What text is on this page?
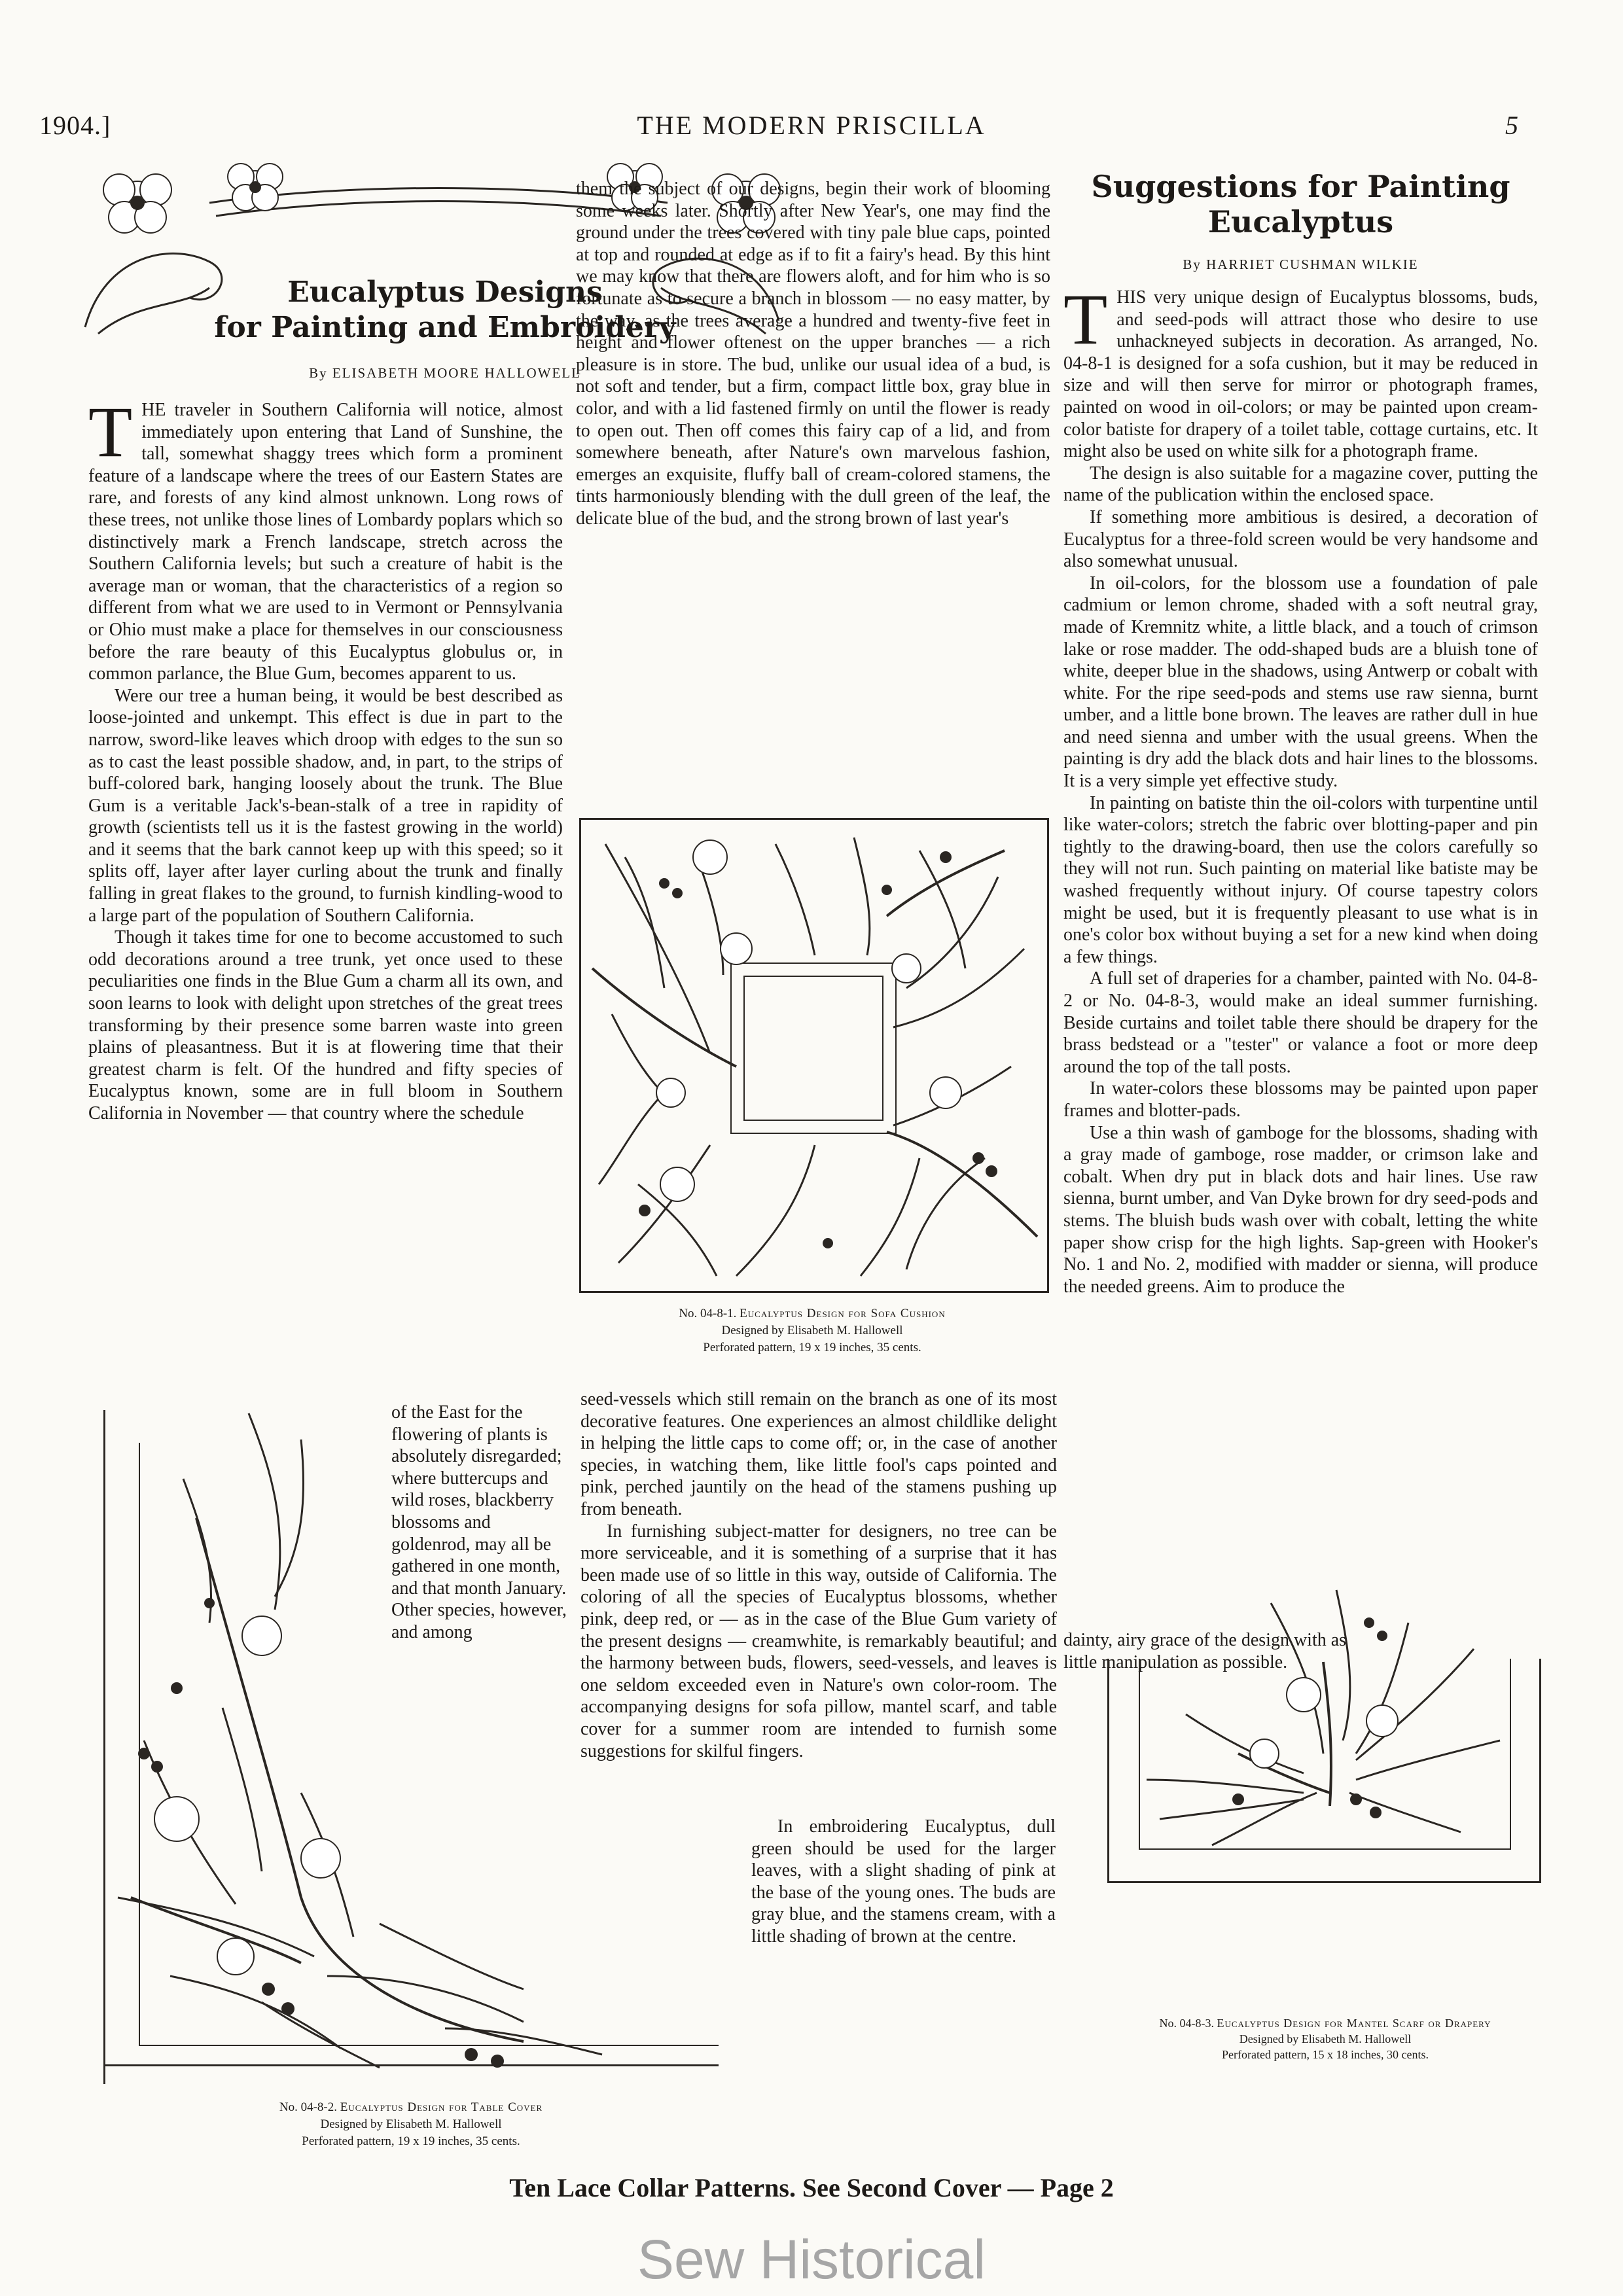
1904.]	THE MODERN PRISCILLA	5
Eucalyptus Designs
for Painting and Embroidery
By ELISABETH MOORE HALLOWELL
T HE traveler in Southern California will notice, almost immediately upon entering that Land of Sunshine, the tall, somewhat shaggy trees which form a prominent feature of a landscape where the trees of our Eastern States are rare, and forests of any kind almost unknown. Long rows of these trees, not unlike those lines of Lombardy poplars which so distinctively mark a French landscape, stretch across the Southern California levels; but such a creature of habit is the average man or woman, that the characteristics of a region so different from what we are used to in Vermont or Pennsylvania or Ohio must make a place for themselves in our consciousness before the rare beauty of this Eucalyptus globulus or, in common parlance, the Blue Gum, becomes apparent to us.

Were our tree a human being, it would be best described as loose-jointed and unkempt. This effect is due in part to the narrow, sword-like leaves which droop with edges to the sun so as to cast the least possible shadow, and, in part, to the strips of buff-colored bark, hanging loosely about the trunk. The Blue Gum is a veritable Jack's-bean-stalk of a tree in rapidity of growth (scientists tell us it is the fastest growing in the world) and it seems that the bark cannot keep up with this speed; so it splits off, layer after layer curling about the trunk and finally falling in great flakes to the ground, to furnish kindling-wood to a large part of the population of Southern California.

Though it takes time for one to become accustomed to such odd decorations around a tree trunk, yet once used to these peculiarities one finds in the Blue Gum a charm all its own, and soon learns to look with delight upon stretches of the great trees transforming by their presence some barren waste into green plains of pleasantness. But it is at flowering time that their greatest charm is felt. Of the hundred and fifty species of Eucalyptus known, some are in full bloom in Southern California in November — that country where the schedule

of the East for the flowering of plants is absolutely disregarded; where buttercups and wild roses, blackberry blossoms and goldenrod, may all be gathered in one month, and that month January. Other species, however, and among

them the subject of our designs, begin their work of blooming some weeks later. Shortly after New Year's, one may find the ground under the trees covered with tiny pale blue caps, pointed at top and rounded at edge as if to fit a fairy's head. By this hint we may know that there are flowers aloft, and for him who is so fortunate as to secure a branch in blossom — no easy matter, by the way, as the trees average a hundred and twenty-five feet in height and flower oftenest on the upper branches — a rich pleasure is in store. The bud, unlike our usual idea of a bud, is not soft and tender, but a firm, compact little box, gray blue in color, and with a lid fastened firmly on until the flower is ready to open out. Then off comes this fairy cap of a lid, and from somewhere beneath, after Nature's own marvelous fashion, emerges an exquisite, fluffy ball of cream-colored stamens, the tints harmoniously blending with the dull green of the leaf, the delicate blue of the bud, and the strong brown of last year's

No. 04-8-1. Eucalyptus Design for Sofa Cushion
Designed by Elisabeth M. Hallowell
Perforated pattern, 19 x 19 inches, 35 cents.

seed-vessels which still remain on the branch as one of its most decorative features. One experiences an almost childlike delight in helping the little caps to come off; or, in the case of another species, in watching them, like little fool's caps pointed and pink, perched jauntily on the head of the stamens pushing up from beneath.

In furnishing subject-matter for designers, no tree can be more serviceable, and it is something of a surprise that it has been made use of so little in this way, outside of California. The coloring of all the species of Eucalyptus blossoms, whether pink, deep red, or — as in the case of the Blue Gum variety of the present designs — creamwhite, is remarkably beautiful; and the harmony between buds, flowers, seed-vessels, and leaves is one seldom exceeded even in Nature's own color-room. The accompanying designs for sofa pillow, mantel scarf, and table cover for a summer room are intended to furnish some suggestions for skilful fingers.

In embroidering Eucalyptus, dull green should be used for the larger leaves, with a slight shading of pink at the base of the young ones. The buds are gray blue, and the stamens cream, with a little shading of brown at the centre.

No. 04-8-2. Eucalyptus Design for Table Cover
Designed by Elisabeth M. Hallowell
Perforated pattern, 19 x 19 inches, 35 cents.
Suggestions for Painting
Eucalyptus
By HARRIET CUSHMAN WILKIE
T HIS very unique design of Eucalyptus blossoms, buds, and seed-pods will attract those who desire to use unhackneyed subjects in decoration. As arranged, No. 04-8-1 is designed for a sofa cushion, but it may be reduced in size and will then serve for mirror or photograph frames, painted on wood in oil-colors; or may be painted upon cream-color batiste for drapery of a toilet table, cottage curtains, etc. It might also be used on white silk for a photograph frame.

The design is also suitable for a magazine cover, putting the name of the publication within the enclosed space.

If something more ambitious is desired, a decoration of Eucalyptus for a three-fold screen would be very handsome and also somewhat unusual.

In oil-colors, for the blossom use a foundation of pale cadmium or lemon chrome, shaded with a soft neutral gray, made of Kremnitz white, a little black, and a touch of crimson lake or rose madder. The odd-shaped buds are a bluish tone of white, deeper blue in the shadows, using Antwerp or cobalt with white. For the ripe seed-pods and stems use raw sienna, burnt umber, and a little bone brown. The leaves are rather dull in hue and need sienna and umber with the usual greens. When the painting is dry add the black dots and hair lines to the blossoms. It is a very simple yet effective study.

In painting on batiste thin the oil-colors with turpentine until like water-colors; stretch the fabric over blotting-paper and pin tightly to the drawing-board, then use the colors carefully so they will not run. Such painting on material like batiste may be washed frequently without injury. Of course tapestry colors might be used, but it is frequently pleasant to use what is in one's color box without buying a set for a new kind when doing a few things.

A full set of draperies for a chamber, painted with No. 04-8-2 or No. 04-8-3, would make an ideal summer furnishing. Beside curtains and toilet table there should be drapery for the brass bedstead or a "tester" or valance a foot or more deep around the top of the tall posts.

In water-colors these blossoms may be painted upon paper frames and blotter-pads.

Use a thin wash of gamboge for the blossoms, shading with a gray made of gamboge, rose madder, or crimson lake and cobalt. When dry put in black dots and hair lines. Use raw sienna, burnt umber, and Van Dyke brown for dry seed-pods and stems. The bluish buds wash over with cobalt, letting the white paper show crisp for the high lights. Sap-green with Hooker's No. 1 and No. 2, modified with madder or sienna, will produce the needed greens. Aim to produce the

dainty, airy grace of the design with as little manipulation as possible.

No. 04-8-3. Eucalyptus Design for Mantel Scarf or Drapery
Designed by Elisabeth M. Hallowell
Perforated pattern, 15 x 18 inches, 30 cents.
Ten Lace Collar Patterns. See Second Cover — Page 2
Sew Historical
